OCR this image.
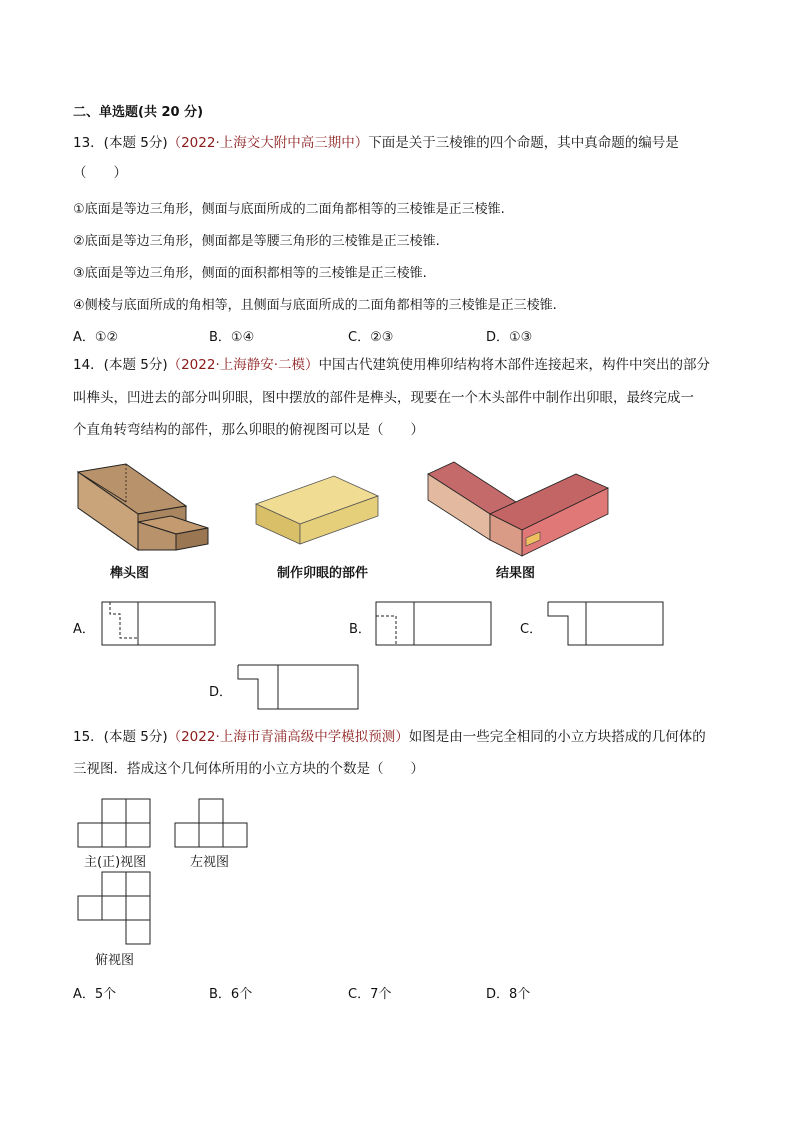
二、单选题(共 20 分)
13．(本题 5分)（2022·上海交大附中高三期中）下面是关于三棱锥的四个命题，其中真命题的编号是
（　　）
①底面是等边三角形，侧面与底面所成的二面角都相等的三棱锥是正三棱锥.
②底面是等边三角形，侧面都是等腰三角形的三棱锥是正三棱锥.
③底面是等边三角形，侧面的面积都相等的三棱锥是正三棱锥.
④侧棱与底面所成的角相等，且侧面与底面所成的二面角都相等的三棱锥是正三棱锥.
A．①②	B．①④	C．②③	D．①③
14．(本题 5分)（2022·上海静安·二模）中国古代建筑使用榫卯结构将木部件连接起来，构件中突出的部分
叫榫头，凹进去的部分叫卯眼，图中摆放的部件是榫头，现要在一个木头部件中制作出卯眼，最终完成一
个直角转弯结构的部件，那么卯眼的俯视图可以是（　　）
榫头图	制作卯眼的部件	结果图
A．	B．	C．
D．
15．(本题 5分)（2022·上海市青浦高级中学模拟预测）如图是由一些完全相同的小立方块搭成的几何体的
三视图．搭成这个几何体所用的小立方块的个数是（　　）
主(正)视图	左视图
俯视图
A．5个	B．6个	C．7个	D．8个
